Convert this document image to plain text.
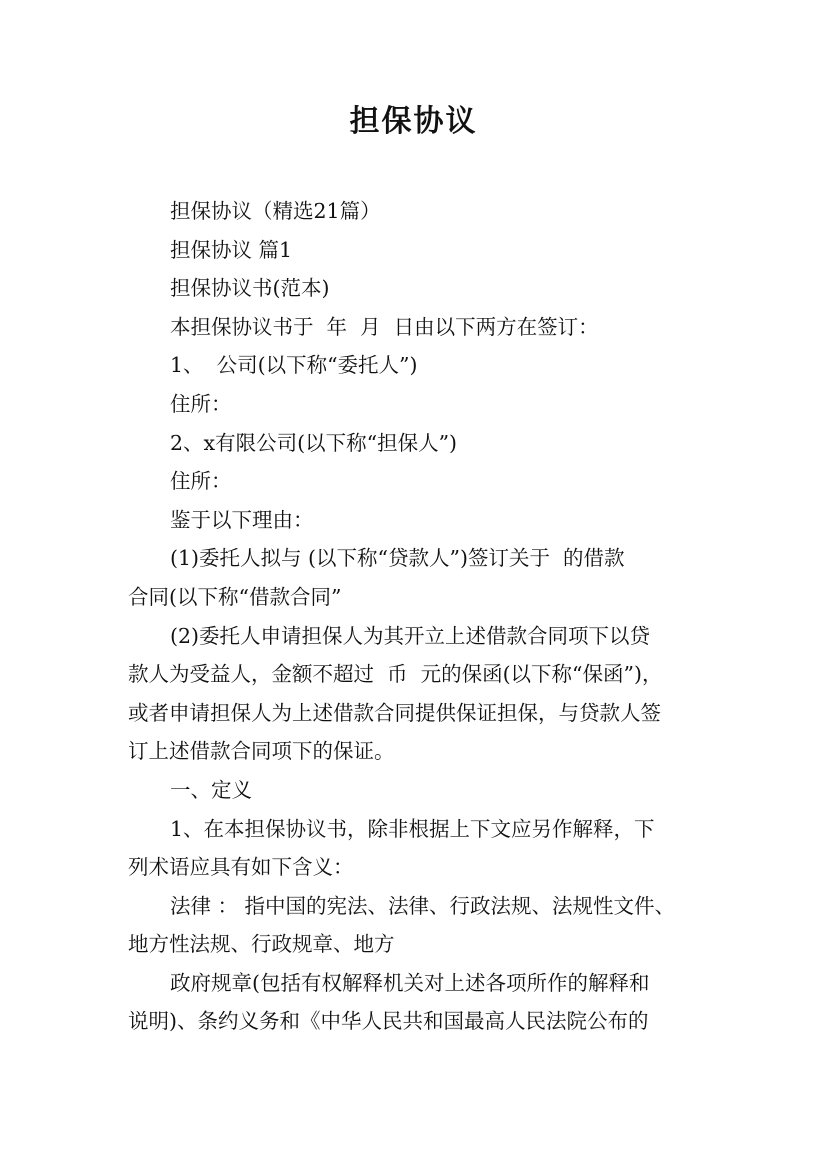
担保协议

担保协议（精选21篇）

担保协议 篇1

担保协议书(范本)

本担保协议书于  年  月  日由以下两方在签订：

1、  公司(以下称“委托人”)

住所：

2、x有限公司(以下称“担保人”)

住所：

鉴于以下理由：

(1)委托人拟与 (以下称“贷款人”)签订关于  的借款

合同(以下称“借款合同”

(2)委托人申请担保人为其开立上述借款合同项下以贷

款人为受益人，金额不超过  币  元的保函(以下称“保函”)，

或者申请担保人为上述借款合同提供保证担保，与贷款人签

订上述借款合同项下的保证。

一、定义

1、在本担保协议书，除非根据上下文应另作解释，下

列术语应具有如下含义：

法律 ： 指中国的宪法、法律、行政法规、法规性文件、

地方性法规、行政规章、地方

政府规章(包括有权解释机关对上述各项所作的解释和

说明)、条约义务和《中华人民共和国最高人民法院公布的
